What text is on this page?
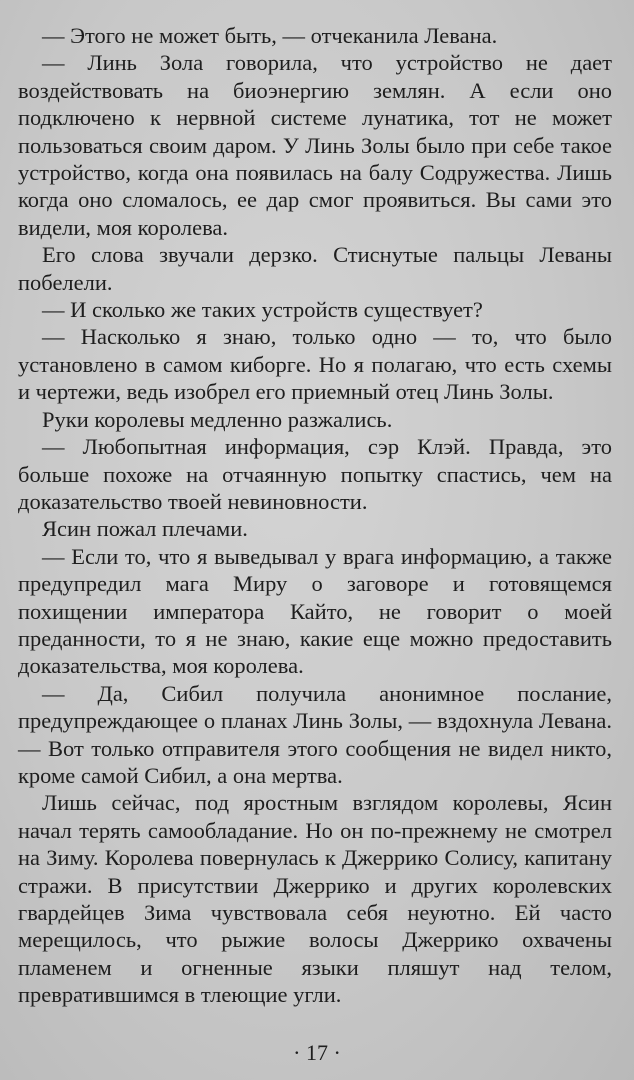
— Этого не может быть, — отчеканила Левана.

— Линь Зола говорила, что устройство не дает воздействовать на биоэнергию землян. А если оно подключено к нервной системе лунатика, тот не может пользоваться своим даром. У Линь Золы было при себе такое устройство, когда она появилась на балу Содружества. Лишь когда оно сломалось, ее дар смог проявиться. Вы сами это видели, моя королева.

Его слова звучали дерзко. Стиснутые пальцы Леваны побелели.

— И сколько же таких устройств существует?

— Насколько я знаю, только одно — то, что было установлено в самом киборге. Но я полагаю, что есть схемы и чертежи, ведь изобрел его приемный отец Линь Золы.

Руки королевы медленно разжались.

— Любопытная информация, сэр Клэй. Правда, это больше похоже на отчаянную попытку спастись, чем на доказательство твоей невиновности.

Ясин пожал плечами.

— Если то, что я выведывал у врага информацию, а также предупредил мага Миру о заговоре и готовящемся похищении императора Кайто, не говорит о моей преданности, то я не знаю, какие еще можно предоставить доказательства, моя королева.

— Да, Сибил получила анонимное послание, предупреждающее о планах Линь Золы, — вздохнула Левана. — Вот только отправителя этого сообщения не видел никто, кроме самой Сибил, а она мертва.

Лишь сейчас, под яростным взглядом королевы, Ясин начал терять самообладание. Но он по-прежнему не смотрел на Зиму. Королева повернулась к Джеррико Солису, капитану стражи. В присутствии Джеррико и других королевских гвардейцев Зима чувствовала себя неуютно. Ей часто мерещилось, что рыжие волосы Джеррико охвачены пламенем и огненные языки пляшут над телом, превратившимся в тлеющие угли.

· 17 ·
